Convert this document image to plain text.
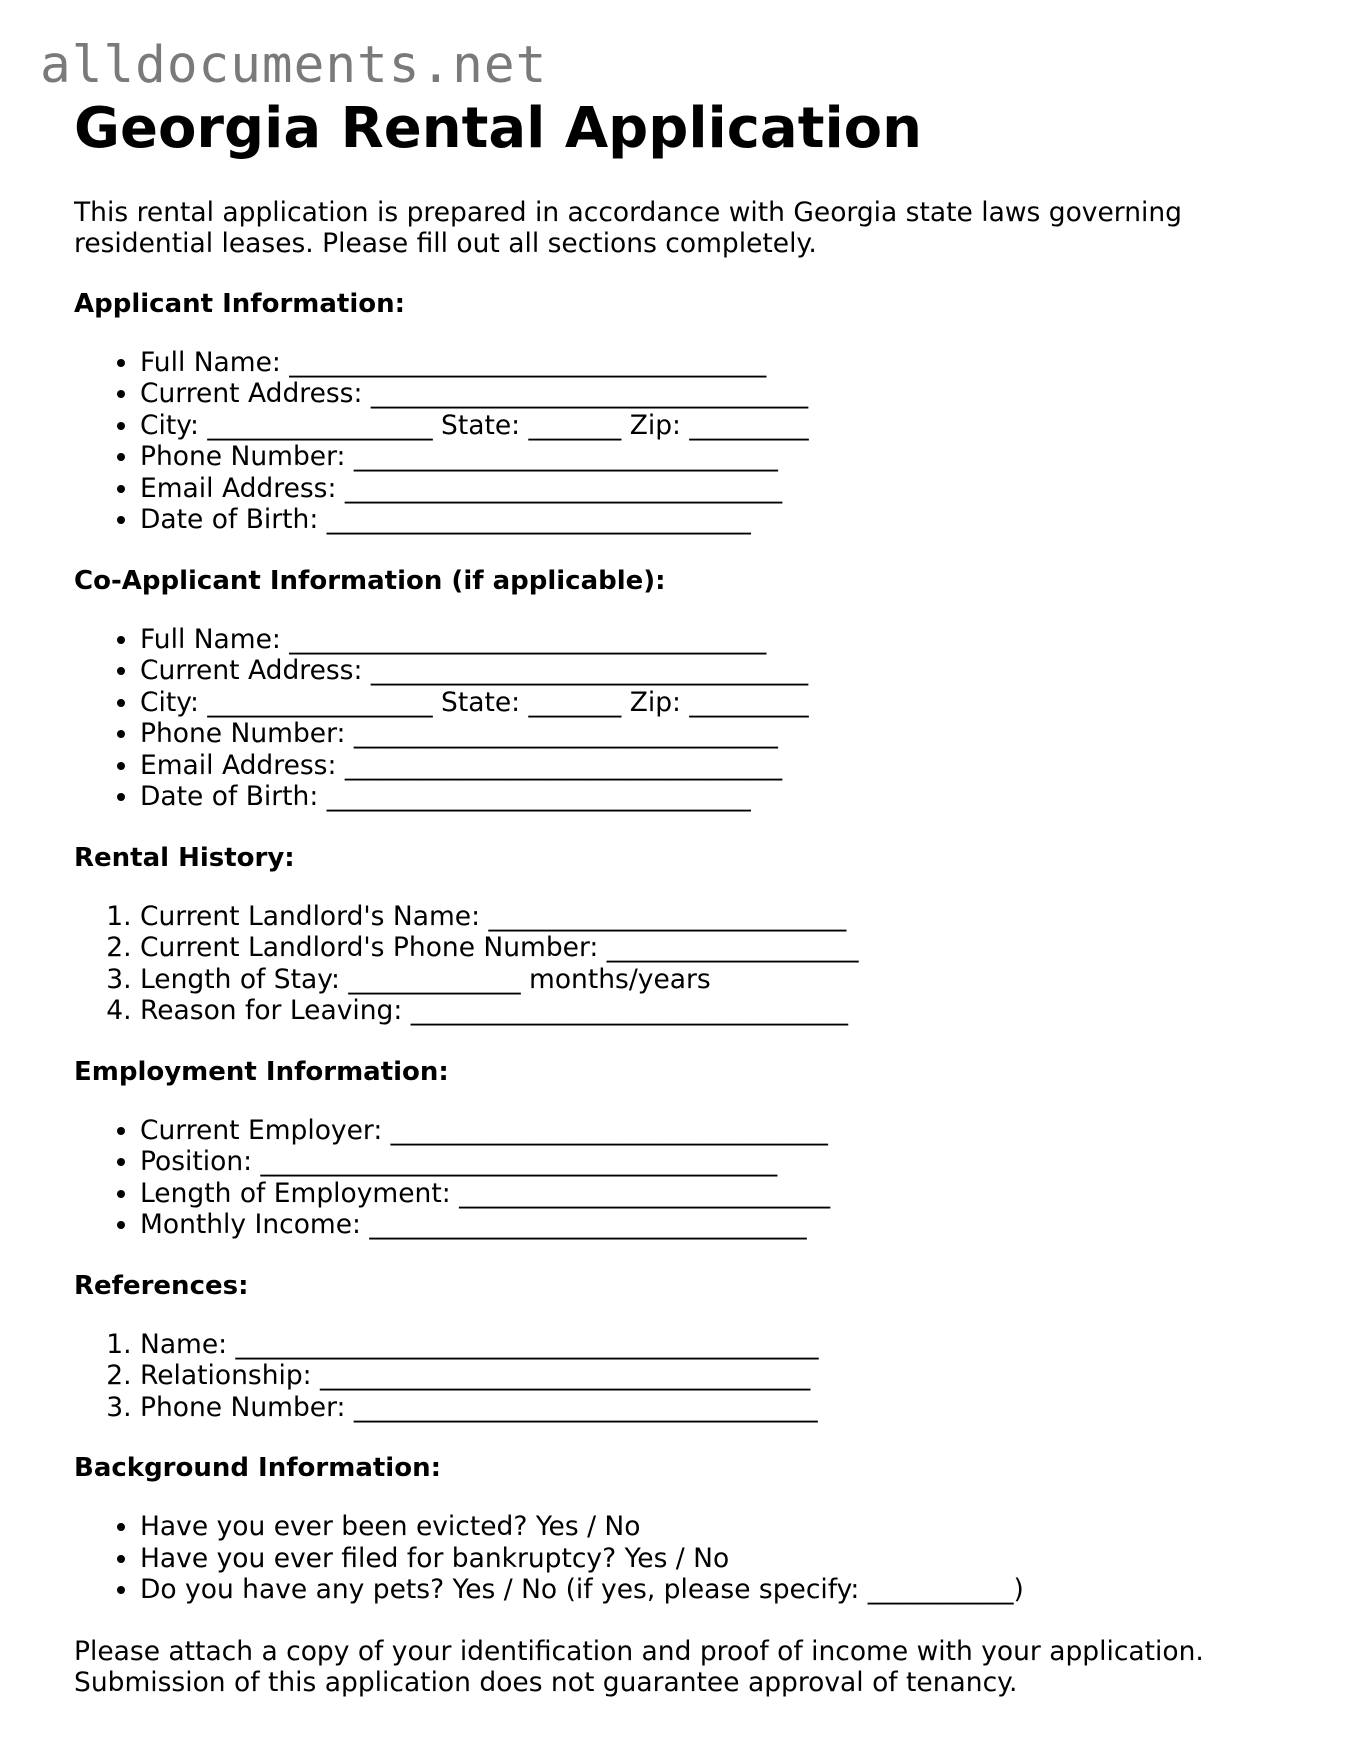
alldocuments.net
Georgia Rental Application

This rental application is prepared in accordance with Georgia state laws governing residential leases. Please fill out all sections completely.

Applicant Information:
• Full Name: ____________________________________
• Current Address: _________________________________
• City: _________________ State: _______ Zip: _________
• Phone Number: ________________________________
• Email Address: _________________________________
• Date of Birth: ________________________________
Co-Applicant Information (if applicable):
• Full Name: ____________________________________
• Current Address: _________________________________
• City: _________________ State: _______ Zip: _________
• Phone Number: ________________________________
• Email Address: _________________________________
• Date of Birth: ________________________________
Rental History:
1. Current Landlord's Name: ___________________________
2. Current Landlord's Phone Number: ___________________
3. Length of Stay: _____________ months/years
4. Reason for Leaving: _________________________________
Employment Information:
• Current Employer: _________________________________
• Position: _______________________________________
• Length of Employment: ____________________________
• Monthly Income: _________________________________
References:
1. Name: ____________________________________________
2. Relationship: _____________________________________
3. Phone Number: ___________________________________
Background Information:
• Have you ever been evicted? Yes / No
• Have you ever filed for bankruptcy? Yes / No
• Do you have any pets? Yes / No (if yes, please specify: ___________)

Please attach a copy of your identification and proof of income with your application. Submission of this application does not guarantee approval of tenancy.
